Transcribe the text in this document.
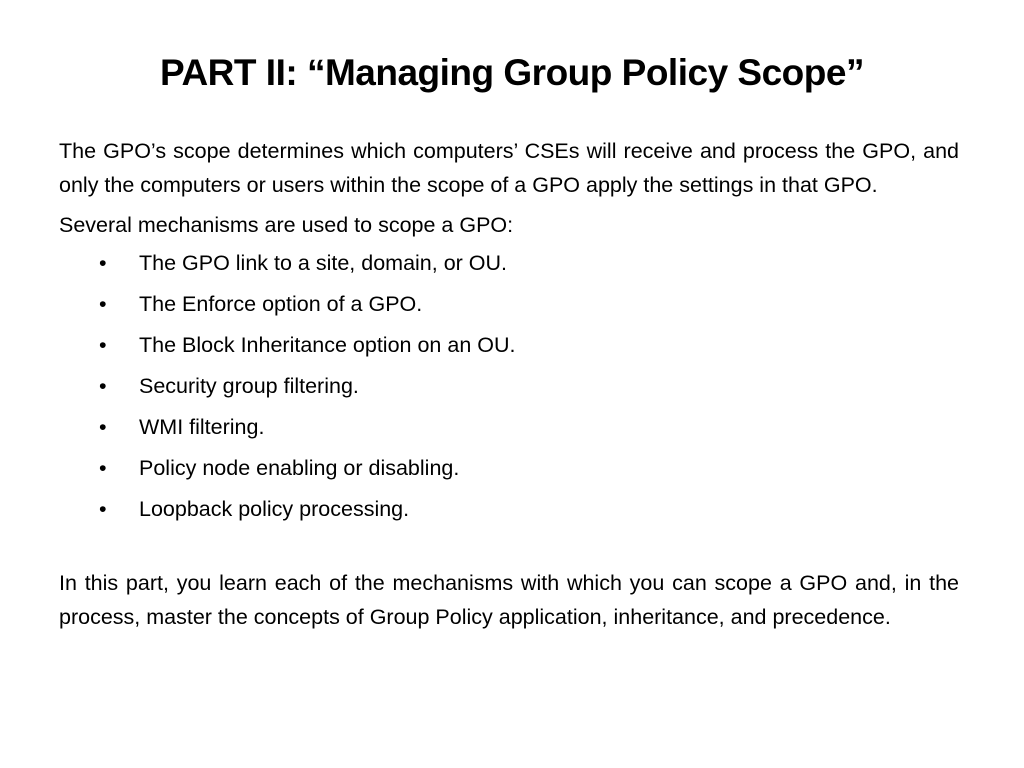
PART II: “Managing Group Policy Scope”

The GPO’s scope determines which computers’ CSEs will receive and process the GPO, and only the computers or users within the scope of a GPO apply the settings in that GPO.

Several mechanisms are used to scope a GPO:

•	The GPO link to a site, domain, or OU.
•	The Enforce option of a GPO.
•	The Block Inheritance option on an OU.
•	Security group filtering.
•	WMI filtering.
•	Policy node enabling or disabling.
•	Loopback policy processing.

In this part, you learn each of the mechanisms with which you can scope a GPO and, in the process, master the concepts of Group Policy application, inheritance, and precedence.
